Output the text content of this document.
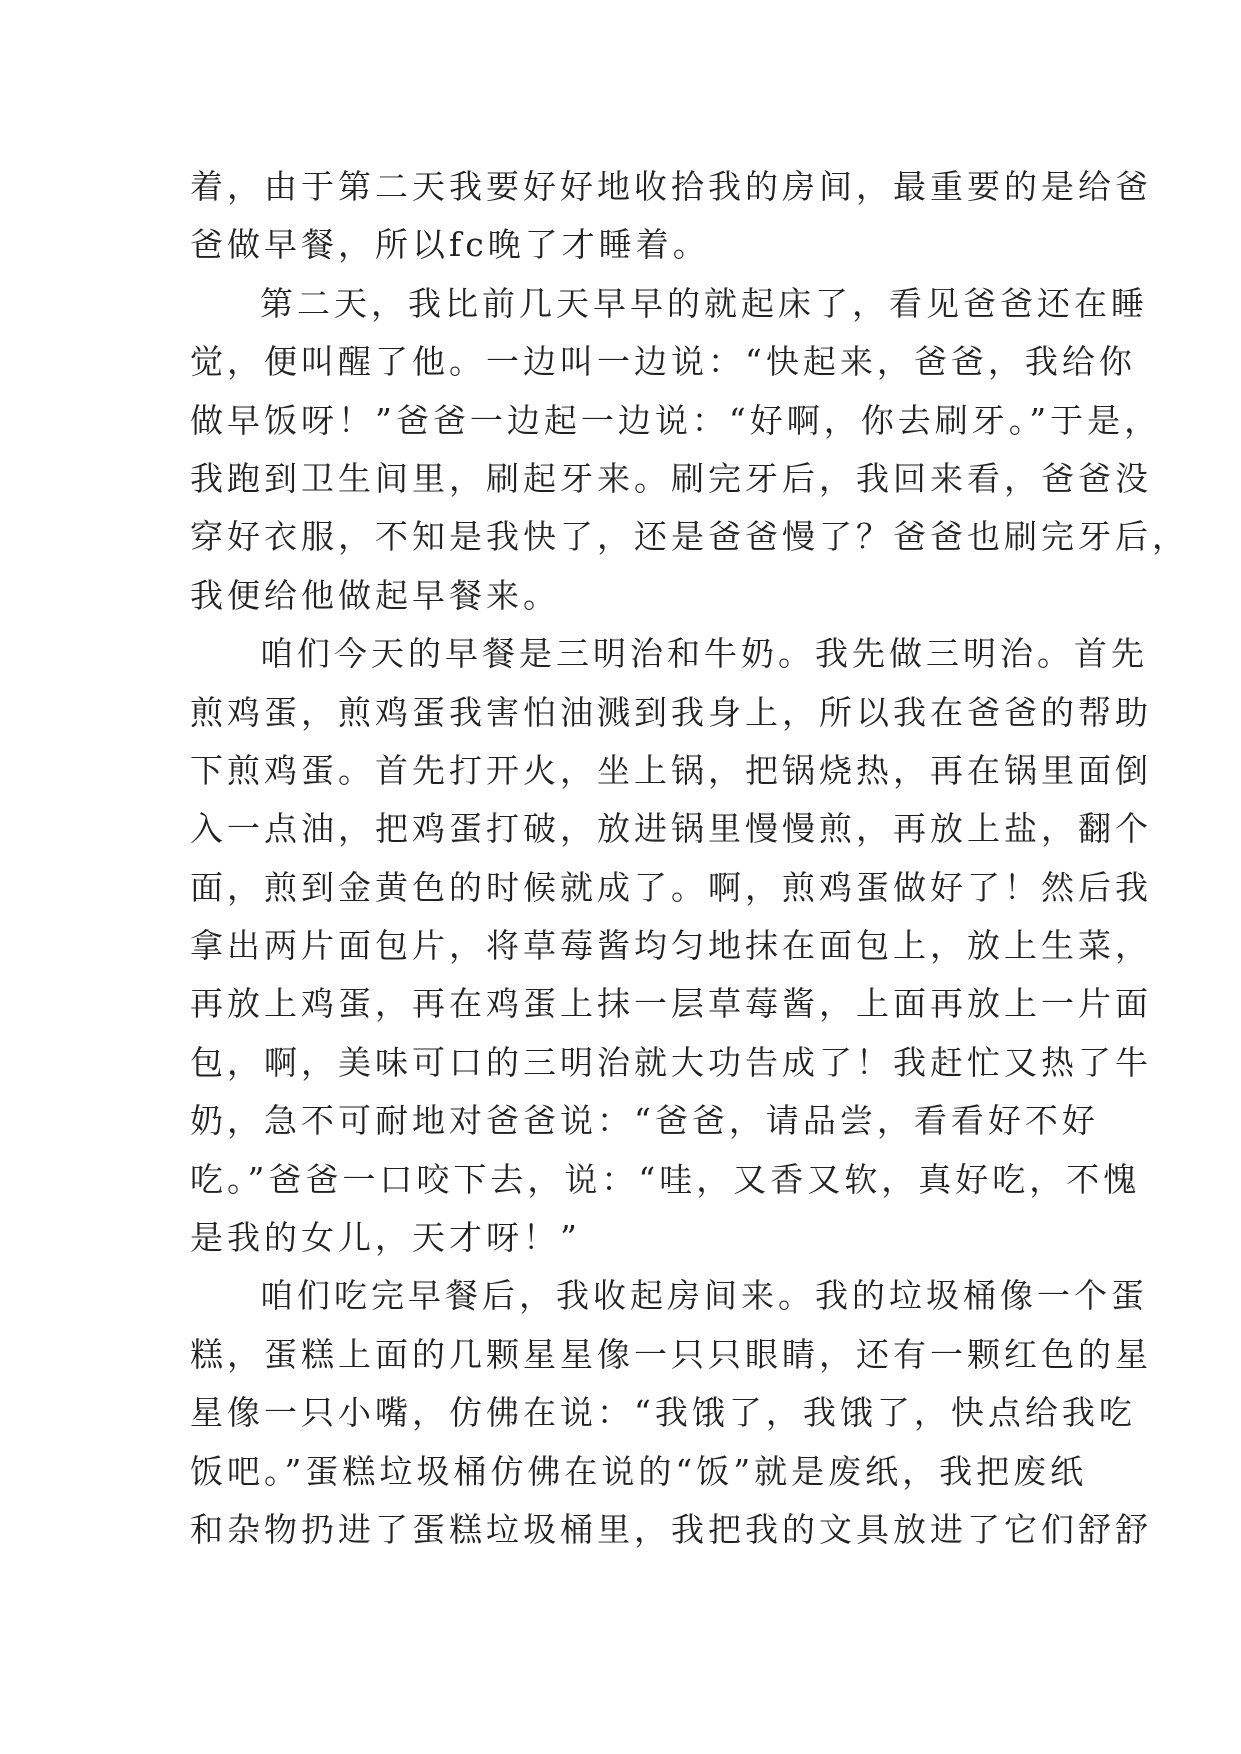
着，由于第二天我要好好地收拾我的房间，最重要的是给爸
爸做早餐，所以fc晚了才睡着。
第二天，我比前几天早早的就起床了，看见爸爸还在睡
觉，便叫醒了他。一边叫一边说：“快起来，爸爸，我给你
做早饭呀！”爸爸一边起一边说：“好啊，你去刷牙。”于是，
我跑到卫生间里，刷起牙来。刷完牙后，我回来看，爸爸没
穿好衣服，不知是我快了，还是爸爸慢了？爸爸也刷完牙后，
我便给他做起早餐来。
咱们今天的早餐是三明治和牛奶。我先做三明治。首先
煎鸡蛋，煎鸡蛋我害怕油溅到我身上，所以我在爸爸的帮助
下煎鸡蛋。首先打开火，坐上锅，把锅烧热，再在锅里面倒
入一点油，把鸡蛋打破，放进锅里慢慢煎，再放上盐，翻个
面，煎到金黄色的时候就成了。啊，煎鸡蛋做好了！然后我
拿出两片面包片，将草莓酱均匀地抹在面包上，放上生菜，
再放上鸡蛋，再在鸡蛋上抹一层草莓酱，上面再放上一片面
包，啊，美味可口的三明治就大功告成了！我赶忙又热了牛
奶，急不可耐地对爸爸说：“爸爸，请品尝，看看好不好
吃。”爸爸一口咬下去，说：“哇，又香又软，真好吃，不愧
是我的女儿，天才呀！”
咱们吃完早餐后，我收起房间来。我的垃圾桶像一个蛋
糕，蛋糕上面的几颗星星像一只只眼睛，还有一颗红色的星
星像一只小嘴，仿佛在说：“我饿了，我饿了，快点给我吃
饭吧。”蛋糕垃圾桶仿佛在说的“饭”就是废纸，我把废纸
和杂物扔进了蛋糕垃圾桶里，我把我的文具放进了它们舒舒
